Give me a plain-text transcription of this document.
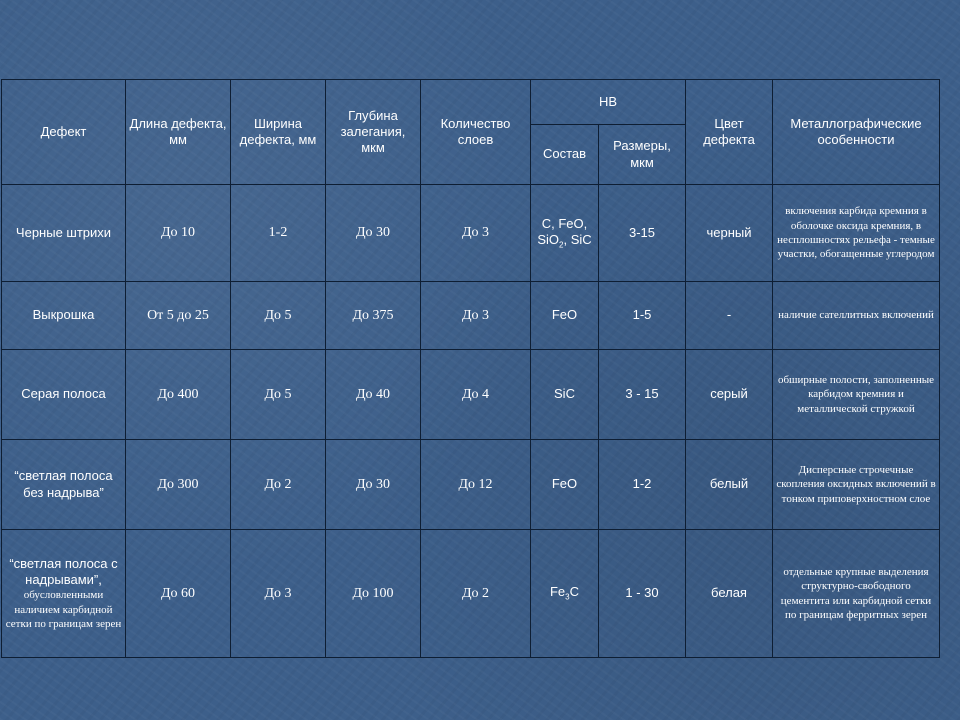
Дефект	Длина дефекта, мм	Ширина дефекта, мм	Глубина залегания, мкм	Количество слоев	НВ		Цвет дефекта	Металлографические особенности
					Состав	Размеры, мкм		
Черные штрихи	До 10	1-2	До 30	До 3	C, FeO, SiO$_2$, SiC	3-15	черный	включения карбида кремния в оболочке оксида кремния, в несплошностях рельефа - темные участки, обогащенные углеродом
Выкрошка	От 5 до 25	До 5	До 375	До 3	FeO	1-5	-	наличие сателлитных включений
Серая полоса	До 400	До 5	До 40	До 4	SiC	3 - 15	серый	обширные полости, заполненные карбидом кремния и металлической стружкой
“светлая полоса без надрыва”	До 300	До 2	До 30	До 12	FeO	1-2	белый	Дисперсные строчечные скопления оксидных включений в тонком приповерхностном слое

“светлая полоса с надрывами”,
обусловленными наличием карбидной сетки по границам зерен	До 60	До 3	До 100	До 2	$Fe_3C$	1 - 30	белая	отдельные крупные выделения структурно-свободного цементита или карбидной сетки по границам ферритных зерен
